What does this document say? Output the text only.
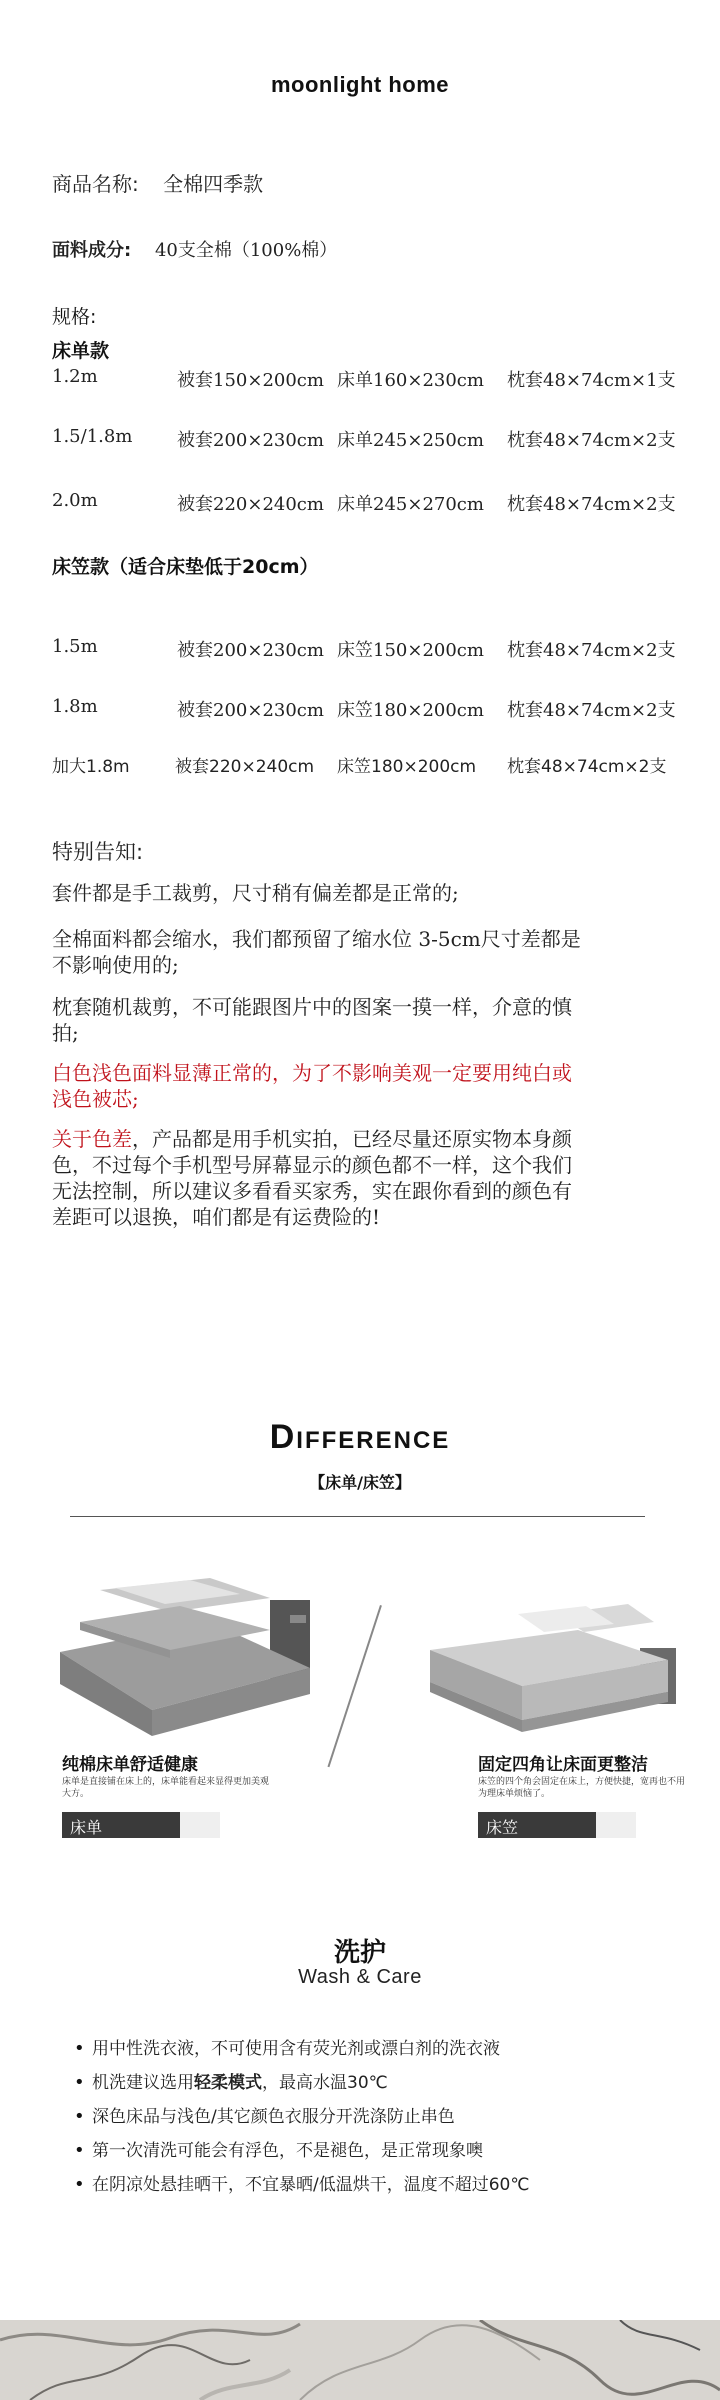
moonlight home
商品名称: 全棉四季款
面料成分: 40支全棉（100%棉）
规格:
床单款
1.2m	被套150×200cm 床单160×230cm 枕套48×74cm×1支
1.5/1.8m 被套200×230cm 床单245×250cm 枕套48×74cm×2支
2.0m	被套220×240cm 床单245×270cm 枕套48×74cm×2支
床笠款（适合床垫低于20cm）
1.5m	被套200×230cm 床笠150×200cm 枕套48×74cm×2支
1.8m	被套200×230cm 床笠180×200cm 枕套48×74cm×2支
加大1.8m	被套220×240cm 床笠180×200cm 枕套48×74cm×2支
特别告知:
套件都是手工裁剪，尺寸稍有偏差都是正常的;
全棉面料都会缩水，我们都预留了缩水位 3-5cm尺寸差都是
不影响使用的;
枕套随机裁剪，不可能跟图片中的图案一摸一样，介意的慎
拍;
白色浅色面料显薄正常的，为了不影响美观一定要用纯白或
浅色被芯;
关于色差，产品都是用手机实拍，已经尽量还原实物本身颜
色，不过每个手机型号屏幕显示的颜色都不一样，这个我们
无法控制，所以建议多看看买家秀，实在跟你看到的颜色有
差距可以退换，咱们都是有运费险的!
Difference
【床单/床笠】
纯棉床单舒适健康
床单是直接铺在床上的，床单能看起来显得更加美观大方。
床单
固定四角让床面更整洁
床笠的四个角会固定在床上，方便快捷，宽再也不用为理床单烦恼了。
床笠
洗护
Wash & Care
• 用中性洗衣液，不可使用含有荧光剂或漂白剂的洗衣液
• 机洗建议选用轻柔模式，最高水温30℃
• 深色床品与浅色/其它颜色衣服分开洗涤防止串色
• 第一次清洗可能会有浮色，不是褪色，是正常现象噢
• 在阴凉处悬挂晒干，不宜暴晒/低温烘干，温度不超过60℃
